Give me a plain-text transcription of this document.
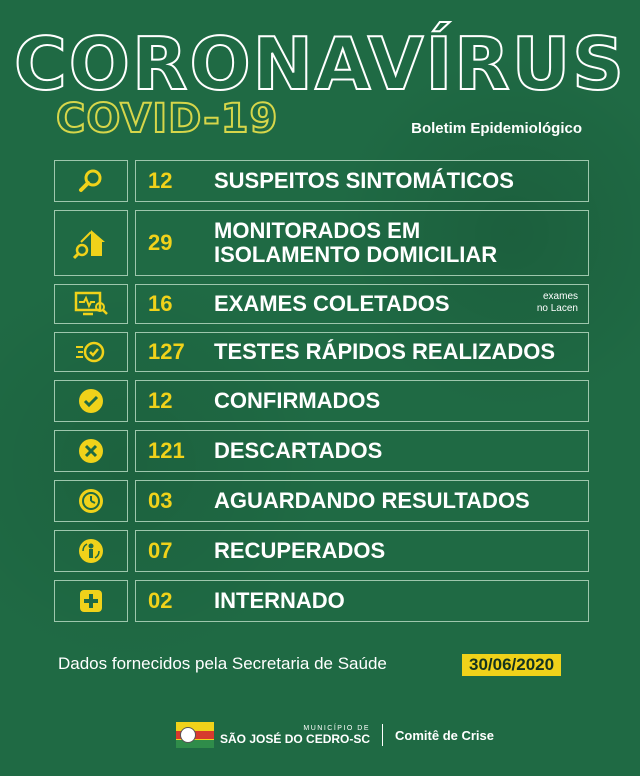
CORONAVÍRUS
COVID-19	Boletim Epidemiológico
12	SUSPEITOS SINTOMÁTICOS
29	MONITORADOS EM
ISOLAMENTO DOMICILIAR
16	EXAMES COLETADOS	exames
no Lacen
127	TESTES RÁPIDOS REALIZADOS
12	CONFIRMADOS
121	DESCARTADOS
03	AGUARDANDO RESULTADOS
07	RECUPERADOS
02	INTERNADO
Dados fornecidos pela Secretaria de Saúde	30/06/2020
MUNICÍPIO DE
SÃO JOSÉ DO CEDRO-SC Comitê de Crise
